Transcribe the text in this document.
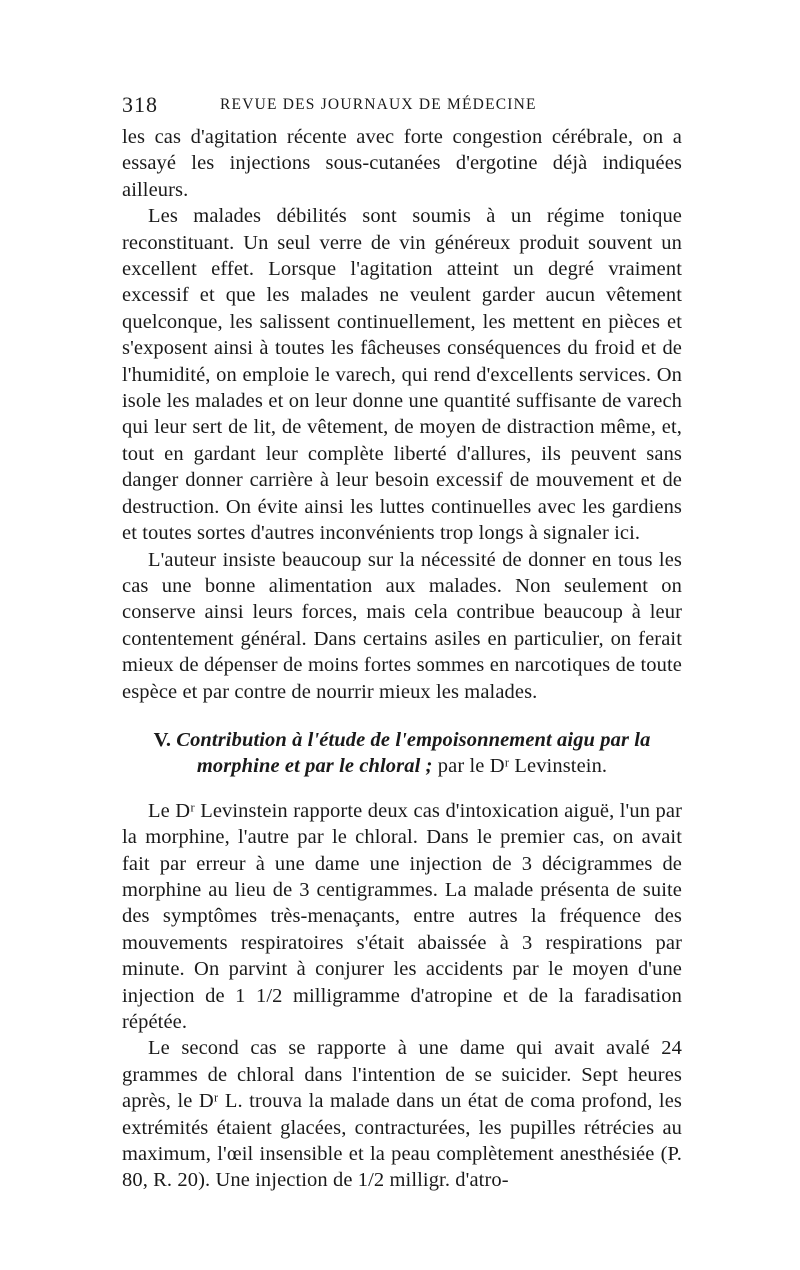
318	REVUE DES JOURNAUX DE MÉDECINE

les cas d'agitation récente avec forte congestion cérébrale, on a essayé les injections sous-cutanées d'ergotine déjà indiquées ailleurs.

Les malades débilités sont soumis à un régime tonique reconstituant. Un seul verre de vin généreux produit souvent un excellent effet. Lorsque l'agitation atteint un degré vraiment excessif et que les malades ne veulent garder aucun vêtement quelconque, les salissent continuellement, les mettent en pièces et s'exposent ainsi à toutes les fâcheuses conséquences du froid et de l'humidité, on emploie le varech, qui rend d'excellents services. On isole les malades et on leur donne une quantité suffisante de varech qui leur sert de lit, de vêtement, de moyen de distraction même, et, tout en gardant leur complète liberté d'allures, ils peuvent sans danger donner carrière à leur besoin excessif de mouvement et de destruction. On évite ainsi les luttes continuelles avec les gardiens et toutes sortes d'autres inconvénients trop longs à signaler ici.

L'auteur insiste beaucoup sur la nécessité de donner en tous les cas une bonne alimentation aux malades. Non seulement on conserve ainsi leurs forces, mais cela contribue beaucoup à leur contentement général. Dans certains asiles en particulier, on ferait mieux de dépenser de moins fortes sommes en narcotiques de toute espèce et par contre de nourrir mieux les malades.

V. Contribution à l'étude de l'empoisonnement aigu par la morphine et par le chloral ; par le Dʳ Levinstein.

Le Dʳ Levinstein rapporte deux cas d'intoxication aiguë, l'un par la morphine, l'autre par le chloral. Dans le premier cas, on avait fait par erreur à une dame une injection de 3 décigrammes de morphine au lieu de 3 centigrammes. La malade présenta de suite des symptômes très-menaçants, entre autres la fréquence des mouvements respiratoires s'était abaissée à 3 respirations par minute. On parvint à conjurer les accidents par le moyen d'une injection de 1 1/2 milligramme d'atropine et de la faradisation répétée.

Le second cas se rapporte à une dame qui avait avalé 24 grammes de chloral dans l'intention de se suicider. Sept heures après, le Dʳ L. trouva la malade dans un état de coma profond, les extrémités étaient glacées, contracturées, les pupilles rétrécies au maximum, l'œil insensible et la peau complètement anesthésiée (P. 80, R. 20). Une injection de 1/2 milligr. d'atro-
